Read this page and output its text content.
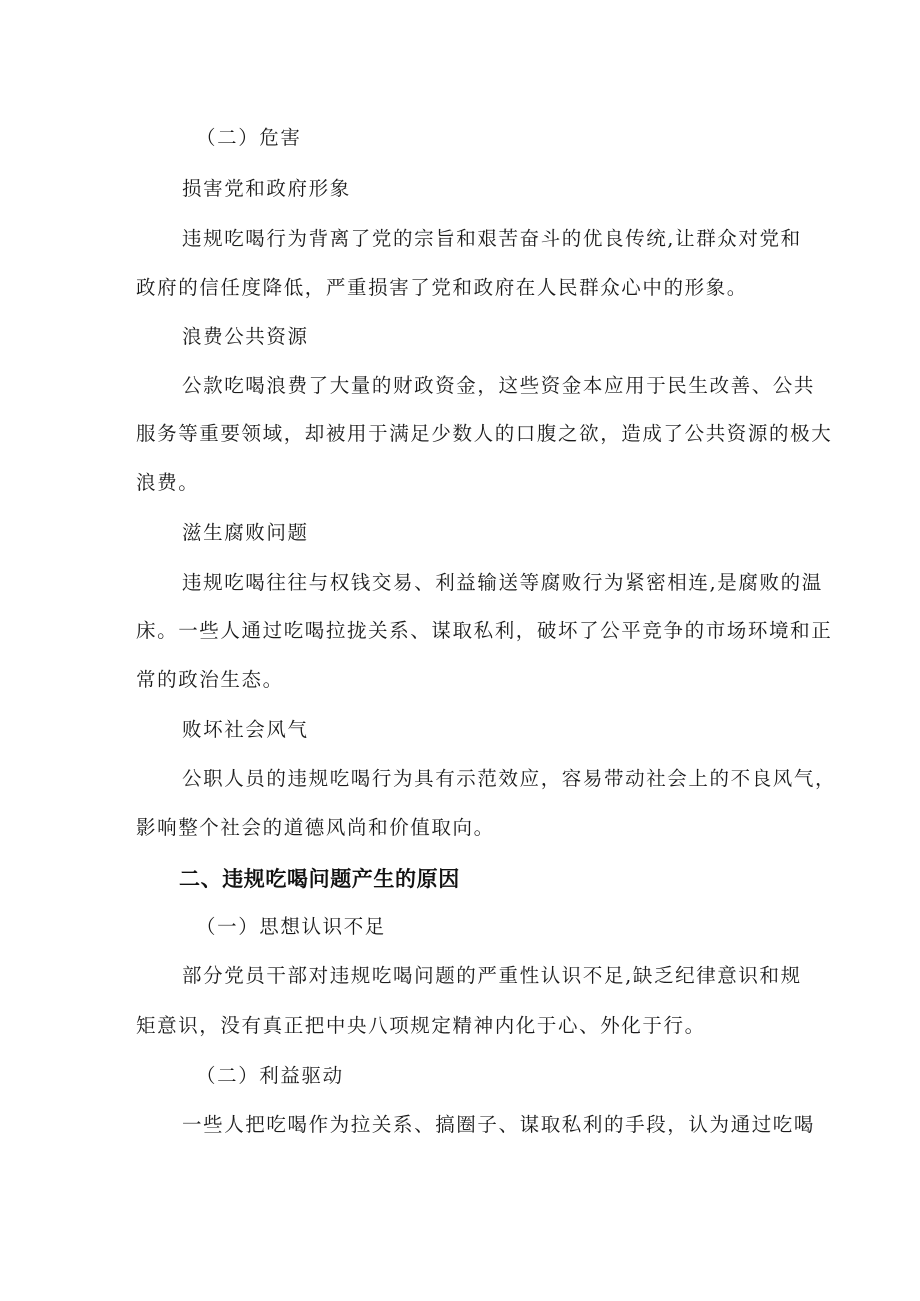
（二）危害
损害党和政府形象
违规吃喝行为背离了党的宗旨和艰苦奋斗的优良传统,让群众对党和
政府的信任度降低，严重损害了党和政府在人民群众心中的形象。
浪费公共资源
公款吃喝浪费了大量的财政资金，这些资金本应用于民生改善、公共
服务等重要领域，却被用于满足少数人的口腹之欲，造成了公共资源的极大
浪费。
滋生腐败问题
违规吃喝往往与权钱交易、利益输送等腐败行为紧密相连,是腐败的温
床。一些人通过吃喝拉拢关系、谋取私利，破坏了公平竞争的市场环境和正
常的政治生态。
败坏社会风气
公职人员的违规吃喝行为具有示范效应，容易带动社会上的不良风气，
影响整个社会的道德风尚和价值取向。
二、违规吃喝问题产生的原因
（一）思想认识不足
部分党员干部对违规吃喝问题的严重性认识不足,缺乏纪律意识和规
矩意识，没有真正把中央八项规定精神内化于心、外化于行。
（二）利益驱动
一些人把吃喝作为拉关系、搞圈子、谋取私利的手段，认为通过吃喝
